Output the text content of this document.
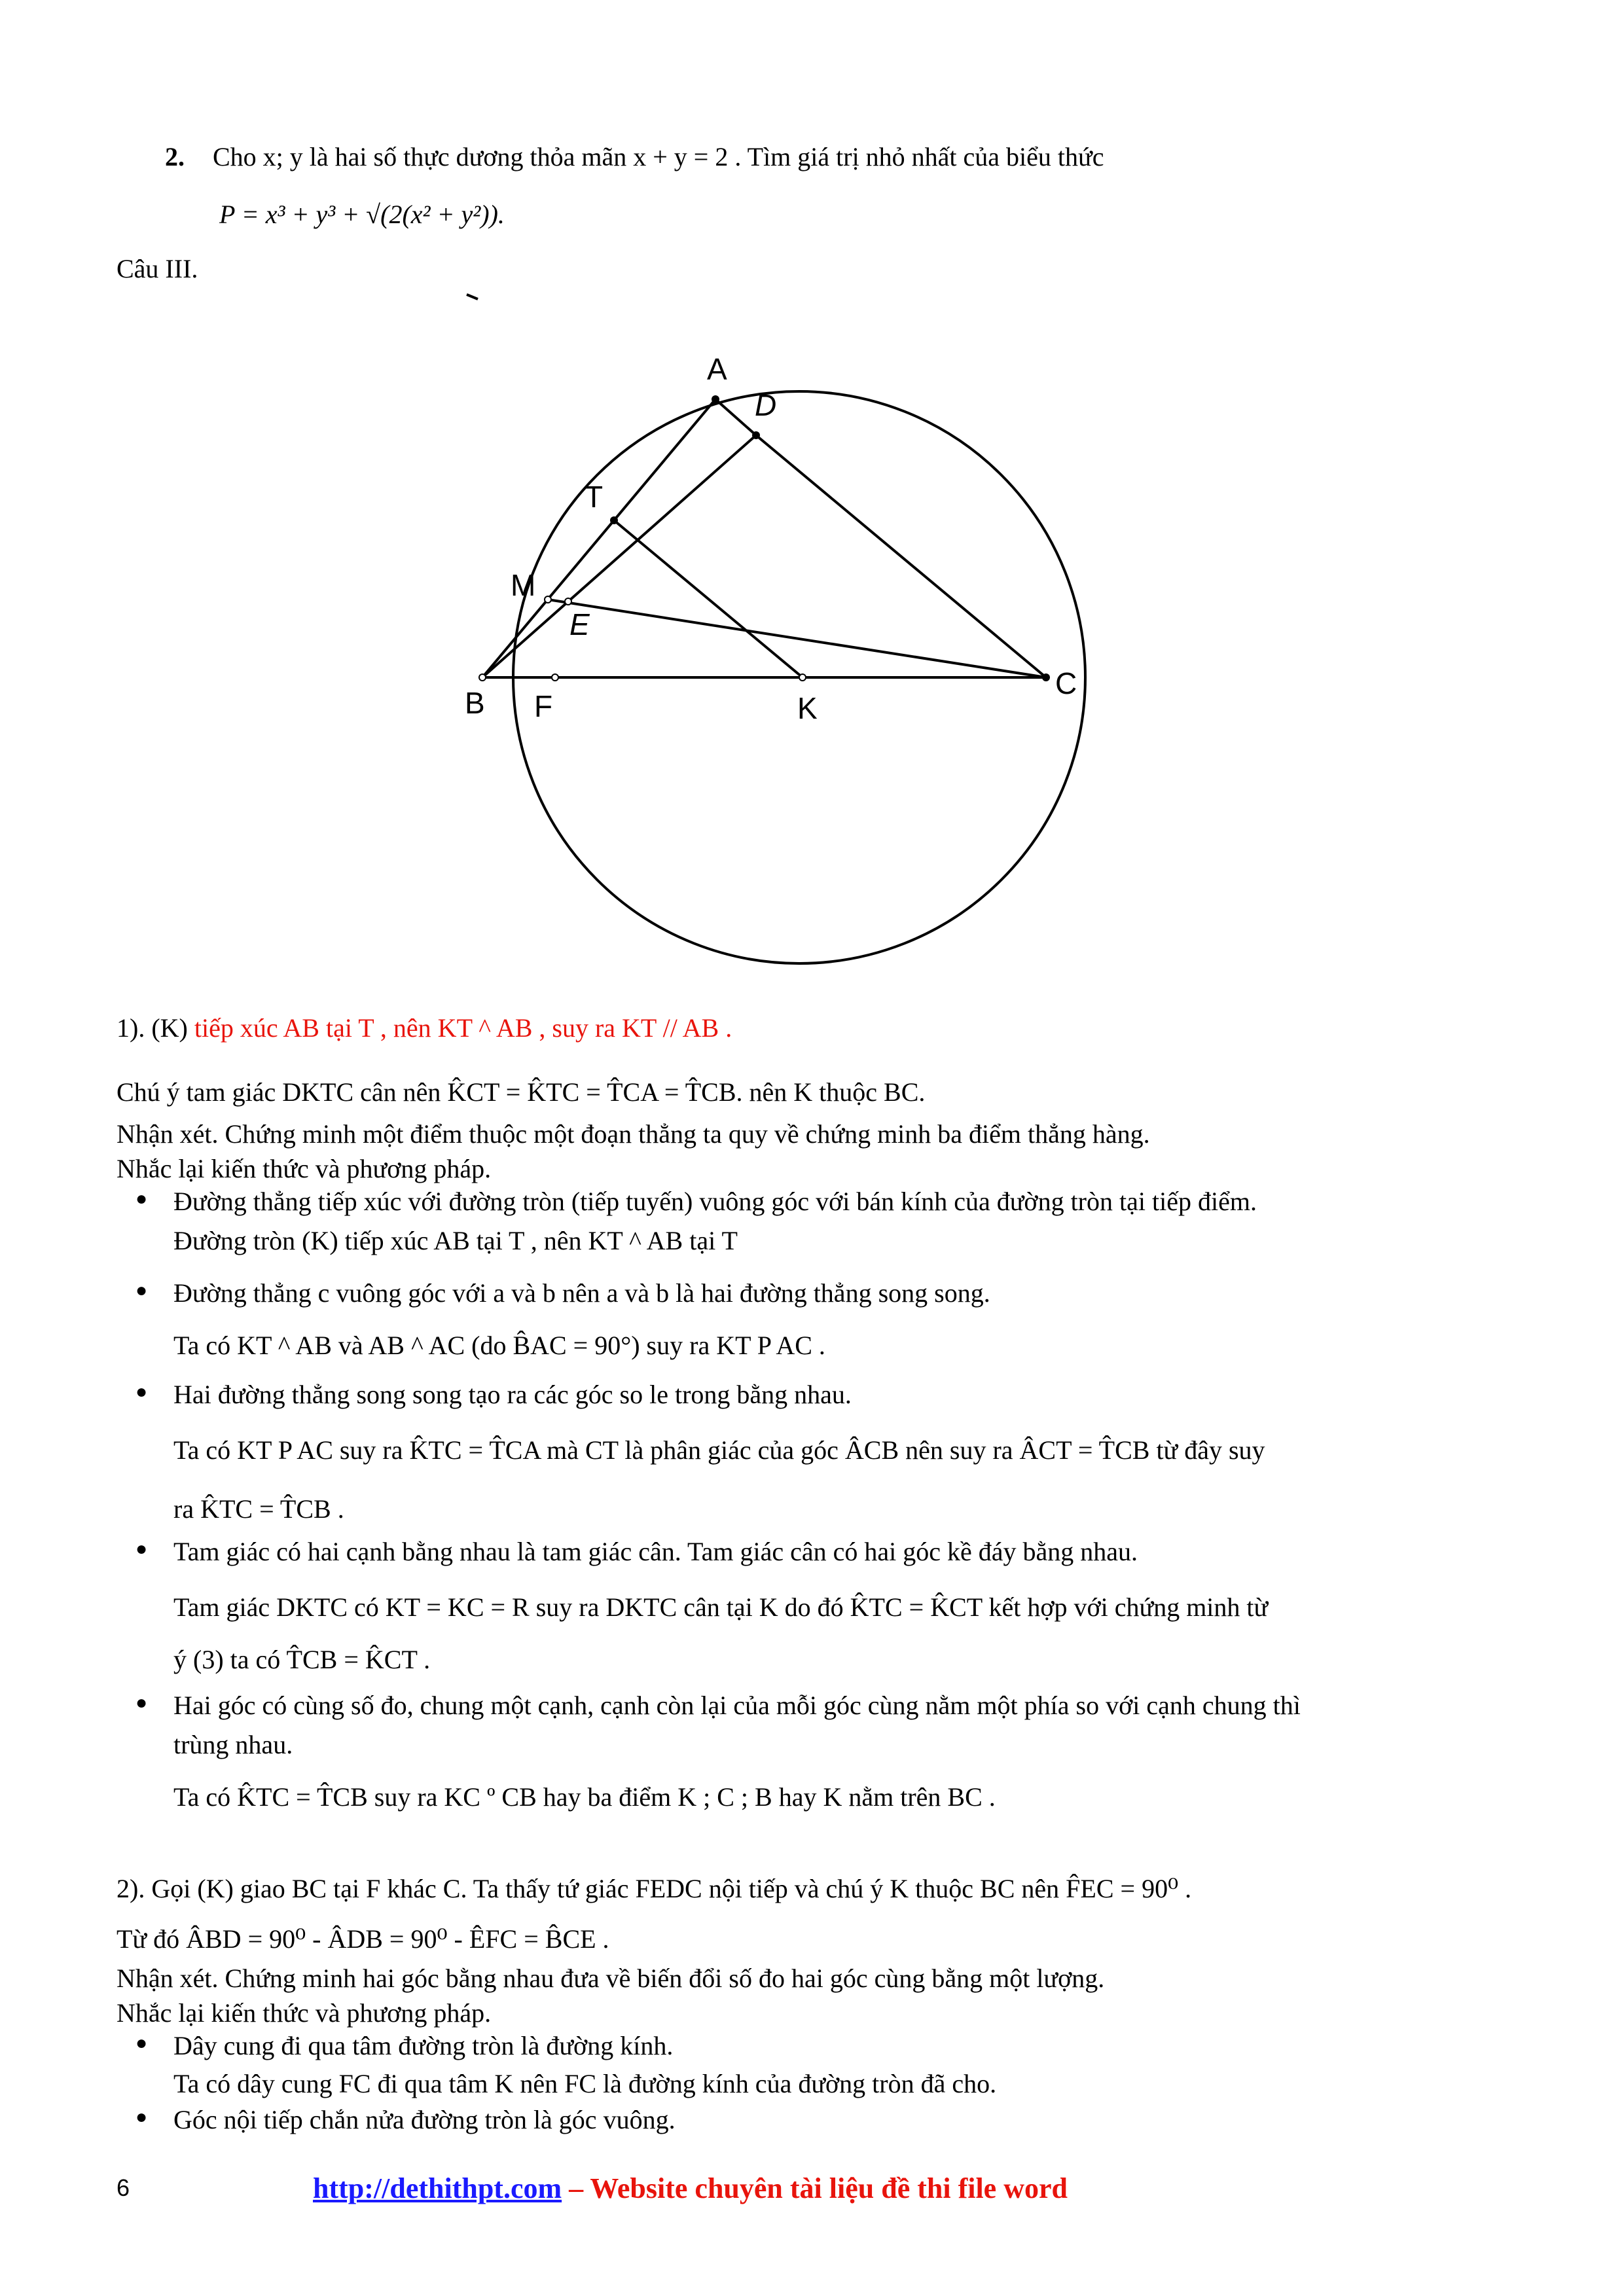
2. Cho x; y là hai số thực dương thỏa mãn x + y = 2 . Tìm giá trị nhỏ nhất của biểu thức
P = x³ + y³ + √(2(x² + y²)).
Câu III.
A
D
T
M
E
B F	K
C
1). (K) tiếp xúc AB tại T , nên KT ^ AB , suy ra KT // AB .
Chú ý tam giác DKTC cân nên K̂CT = K̂TC = T̂CA = T̂CB. nên K thuộc BC.
Nhận xét. Chứng minh một điểm thuộc một đoạn thẳng ta quy về chứng minh ba điểm thẳng hàng.
Nhắc lại kiến thức và phương pháp.
● Đường thẳng tiếp xúc với đường tròn (tiếp tuyến) vuông góc với bán kính của đường tròn tại tiếp điểm.
Đường tròn (K) tiếp xúc AB tại T , nên KT ^ AB tại T
● Đường thẳng c vuông góc với a và b nên a và b là hai đường thẳng song song.
Ta có KT ^ AB và AB ^ AC (do B̂AC = 90°) suy ra KT P AC .
● Hai đường thẳng song song tạo ra các góc so le trong bằng nhau.
Ta có KT P AC suy ra K̂TC = T̂CA mà CT là phân giác của góc ÂCB nên suy ra ÂCT = T̂CB từ đây suy
ra K̂TC = T̂CB .
● Tam giác có hai cạnh bằng nhau là tam giác cân. Tam giác cân có hai góc kề đáy bằng nhau.
Tam giác DKTC có KT = KC = R suy ra DKTC cân tại K do đó K̂TC = K̂CT kết hợp với chứng minh từ
ý (3) ta có T̂CB = K̂CT .
● Hai góc có cùng số đo, chung một cạnh, cạnh còn lại của mỗi góc cùng nằm một phía so với cạnh chung thì
trùng nhau.
Ta có K̂TC = T̂CB suy ra KC º CB hay ba điểm K ; C ; B hay K nằm trên BC .
2). Gọi (K) giao BC tại F khác C. Ta thấy tứ giác FEDC nội tiếp và chú ý K thuộc BC nên F̂EC = 90⁰ .
Từ đó ÂBD = 90⁰ - ÂDB = 90⁰ - ÊFC = B̂CE .
Nhận xét. Chứng minh hai góc bằng nhau đưa về biến đổi số đo hai góc cùng bằng một lượng.
Nhắc lại kiến thức và phương pháp.
● Dây cung đi qua tâm đường tròn là đường kính.
Ta có dây cung FC đi qua tâm K nên FC là đường kính của đường tròn đã cho.
● Góc nội tiếp chắn nửa đường tròn là góc vuông.
6	http://dethithpt.com – Website chuyên tài liệu đề thi file word
